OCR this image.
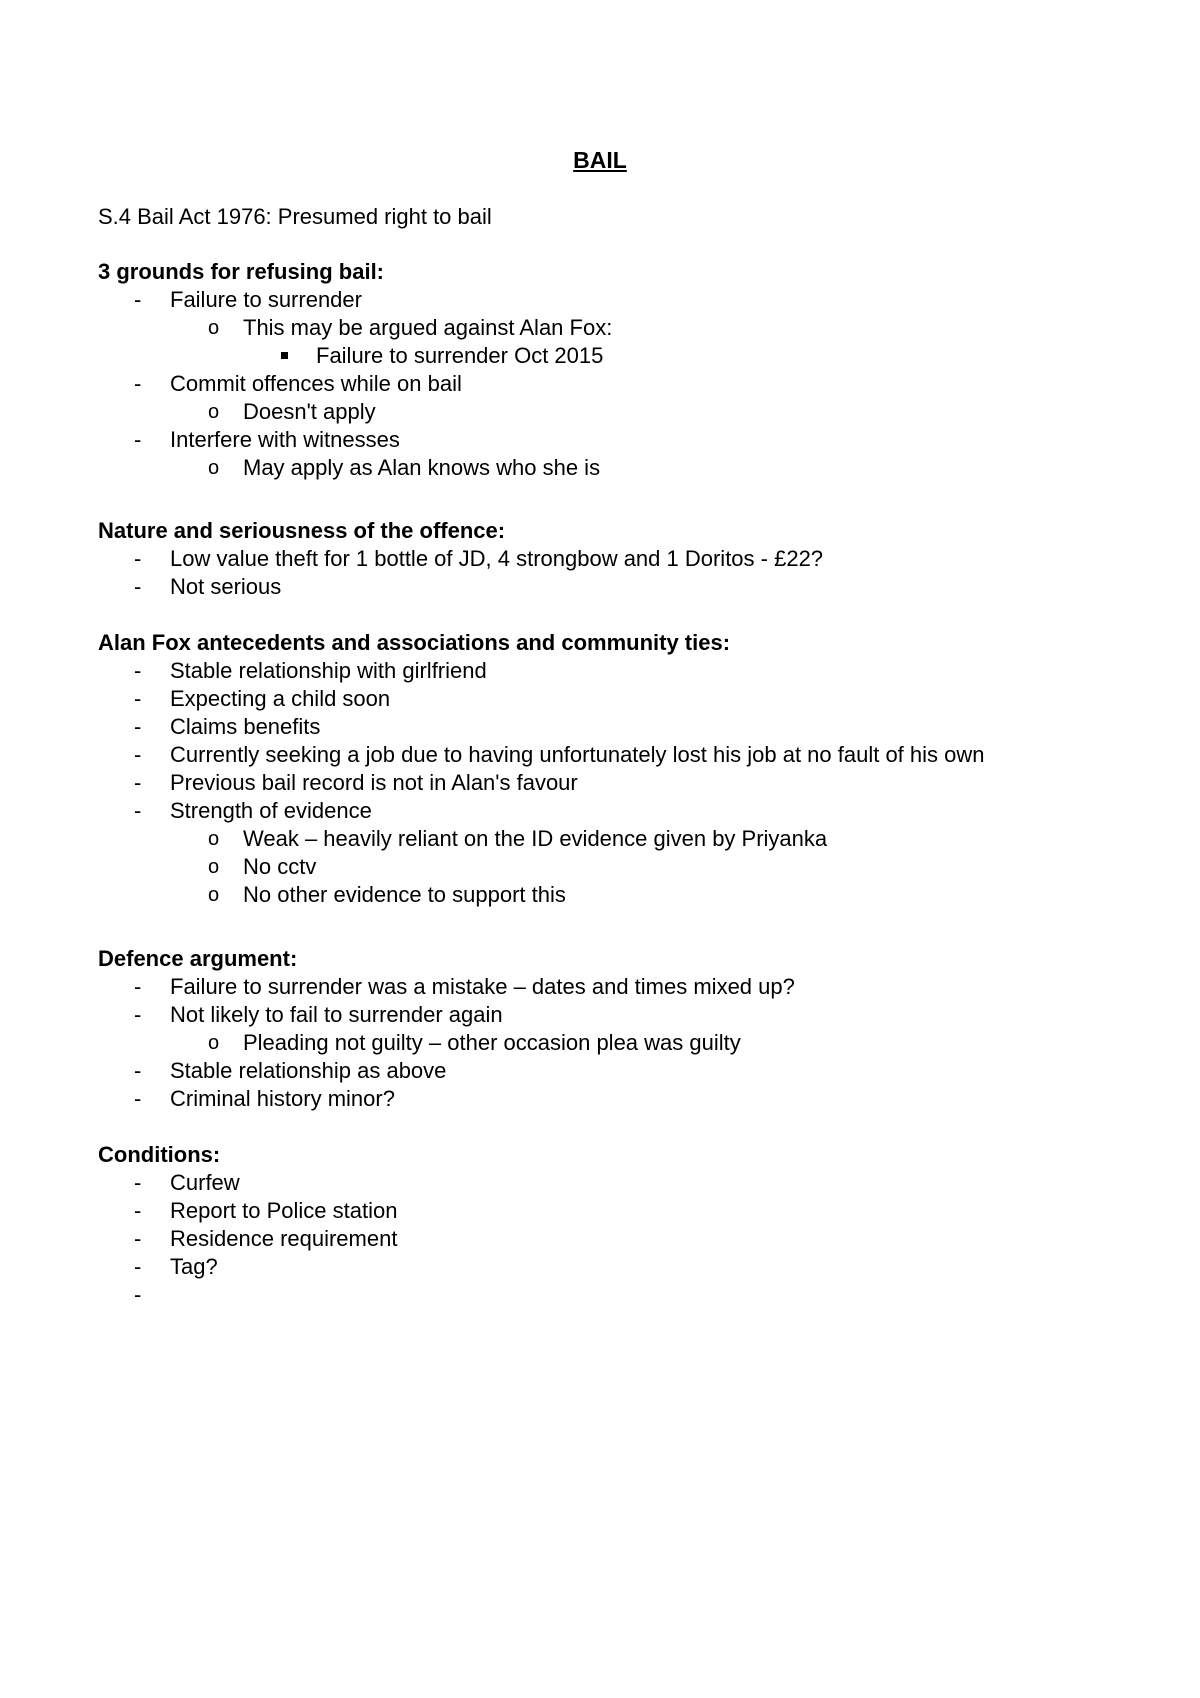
BAIL
S.4 Bail Act 1976: Presumed right to bail
3 grounds for refusing bail:
-	Failure to surrender
o	This may be argued against Alan Fox:
Failure to surrender Oct 2015
-	Commit offences while on bail
o	Doesn't apply
-	Interfere with witnesses
o	May apply as Alan knows who she is
Nature and seriousness of the offence:
-	Low value theft for 1 bottle of JD, 4 strongbow and 1 Doritos - £22?
-	Not serious
Alan Fox antecedents and associations and community ties:
-	Stable relationship with girlfriend
-	Expecting a child soon
-	Claims benefits
-	Currently seeking a job due to having unfortunately lost his job at no fault of his own
-	Previous bail record is not in Alan's favour
-	Strength of evidence
o	Weak – heavily reliant on the ID evidence given by Priyanka
o	No cctv
o	No other evidence to support this
Defence argument:
-	Failure to surrender was a mistake – dates and times mixed up?
-	Not likely to fail to surrender again
o	Pleading not guilty – other occasion plea was guilty
-	Stable relationship as above
-	Criminal history minor?
Conditions:
-	Curfew
-	Report to Police station
-	Residence requirement
-	Tag?
-
